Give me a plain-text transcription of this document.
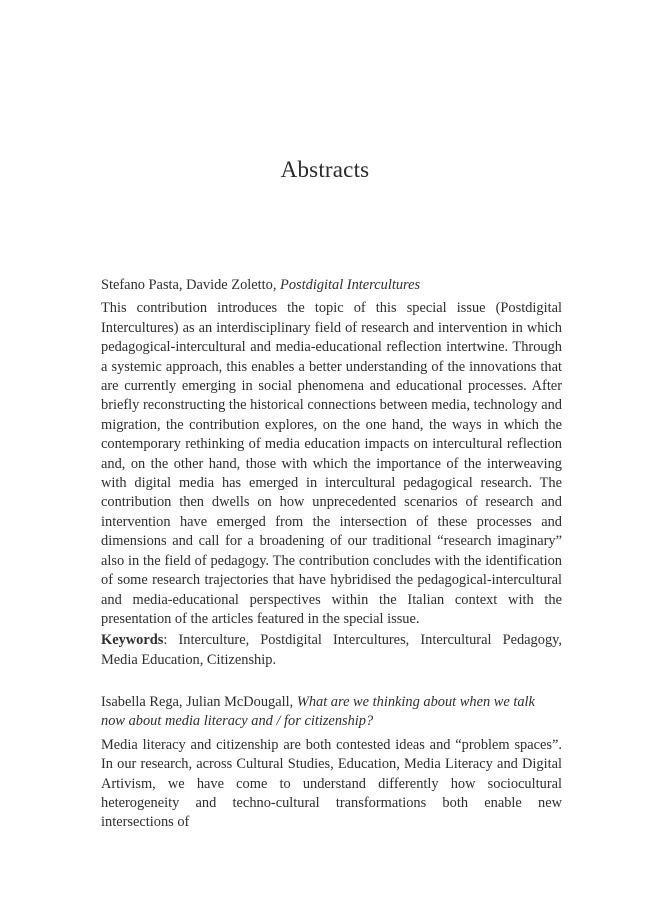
Abstracts

Stefano Pasta, Davide Zoletto, Postdigital Intercultures

This contribution introduces the topic of this special issue (Postdigital Intercultures) as an interdisciplinary field of research and intervention in which pedagogical-intercultural and media-educational reflection intertwine. Through a systemic approach, this enables a better understanding of the innovations that are currently emerging in social phenomena and educational processes. After briefly reconstructing the historical connections between media, technology and migration, the contribution explores, on the one hand, the ways in which the contemporary rethinking of media education impacts on intercultural reflection and, on the other hand, those with which the importance of the interweaving with digital media has emerged in intercultural pedagogical research. The contribution then dwells on how unprecedented scenarios of research and intervention have emerged from the intersection of these processes and dimensions and call for a broadening of our traditional “research imaginary” also in the field of pedagogy. The contribution concludes with the identification of some research trajectories that have hybridised the pedagogical-intercultural and media-educational perspectives within the Italian context with the presentation of the articles featured in the special issue.

Keywords: Interculture, Postdigital Intercultures, Intercultural Pedagogy, Media Education, Citizenship.

Isabella Rega, Julian McDougall, What are we thinking about when we talk now about media literacy and / for citizenship?

Media literacy and citizenship are both contested ideas and “problem spaces”. In our research, across Cultural Studies, Education, Media Literacy and Digital Artivism, we have come to understand differently how sociocultural heterogeneity and techno-cultural transformations both enable new intersections of
